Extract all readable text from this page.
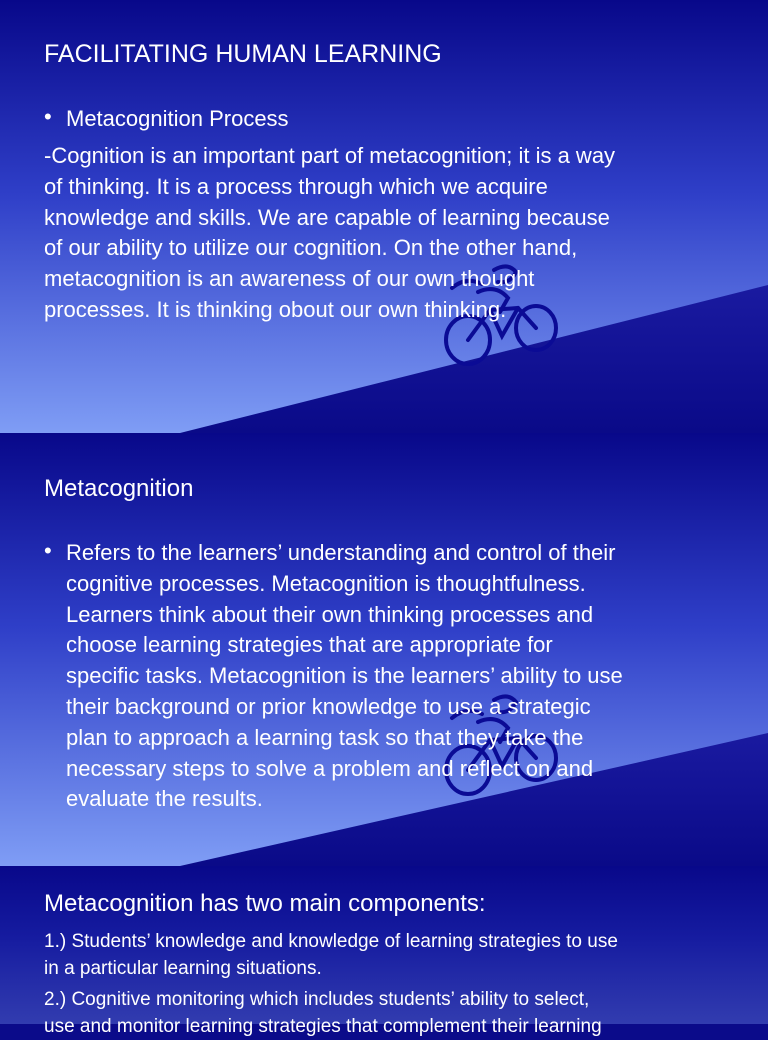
FACILITATING HUMAN LEARNING

• Metacognition Process

-Cognition is an important part of metacognition; it is a way
of thinking. It is a process through which we acquire
knowledge and skills. We are capable of learning because
of our ability to utilize our cognition. On the other hand,
metacognition is an awareness of our own thought
processes. It is thinking obout our own thinking.

Metacognition

• Refers to the learners’ understanding and control of their
cognitive processes. Metacognition is thoughtfulness.
Learners think about their own thinking processes and
choose learning strategies that are appropriate for
specific tasks. Metacognition is the learners’ ability to use
their background or prior knowledge to use a strategic
plan to approach a learning task so that they take the
necessary steps to solve a problem and reflect on and
evaluate the results.

Metacognition has two main components:

1.) Students’ knowledge and knowledge of learning strategies to use
in a particular learning situations.

2.) Cognitive monitoring which includes students’ ability to select,
use and monitor learning strategies that complement their learning
